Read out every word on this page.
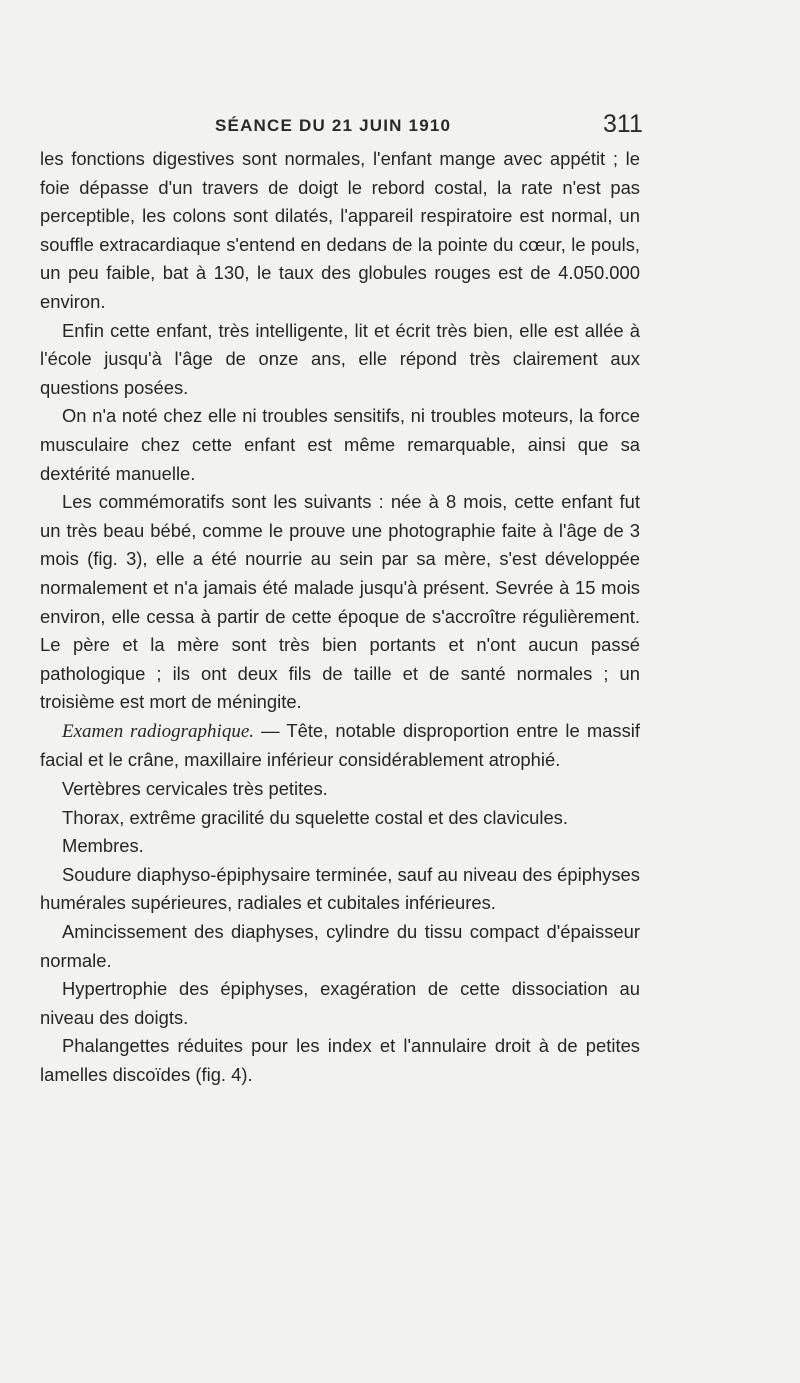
SÉANCE DU 21 JUIN 1910	311

les fonctions digestives sont normales, l'enfant mange avec appétit ; le foie dépasse d'un travers de doigt le rebord costal, la rate n'est pas perceptible, les colons sont dilatés, l'appareil respiratoire est normal, un souffle extracardiaque s'entend en dedans de la pointe du cœur, le pouls, un peu faible, bat à 130, le taux des globules rouges est de 4.050.000 environ.

Enfin cette enfant, très intelligente, lit et écrit très bien, elle est allée à l'école jusqu'à l'âge de onze ans, elle répond très clairement aux questions posées.

On n'a noté chez elle ni troubles sensitifs, ni troubles moteurs, la force musculaire chez cette enfant est même remarquable, ainsi que sa dextérité manuelle.

Les commémoratifs sont les suivants : née à 8 mois, cette enfant fut un très beau bébé, comme le prouve une photographie faite à l'âge de 3 mois (fig. 3), elle a été nourrie au sein par sa mère, s'est développée normalement et n'a jamais été malade jusqu'à présent. Sevrée à 15 mois environ, elle cessa à partir de cette époque de s'accroître régulièrement. Le père et la mère sont très bien portants et n'ont aucun passé pathologique ; ils ont deux fils de taille et de santé normales ; un troisième est mort de méningite.

Examen radiographique. — Tête, notable disproportion entre le massif facial et le crâne, maxillaire inférieur considérablement atrophié.

Vertèbres cervicales très petites.

Thorax, extrême gracilité du squelette costal et des clavicules.

Membres.

Soudure diaphyso-épiphysaire terminée, sauf au niveau des épiphyses humérales supérieures, radiales et cubitales inférieures.

Amincissement des diaphyses, cylindre du tissu compact d'épaisseur normale.

Hypertrophie des épiphyses, exagération de cette dissociation au niveau des doigts.

Phalangettes réduites pour les index et l'annulaire droit à de petites lamelles discoïdes (fig. 4).
